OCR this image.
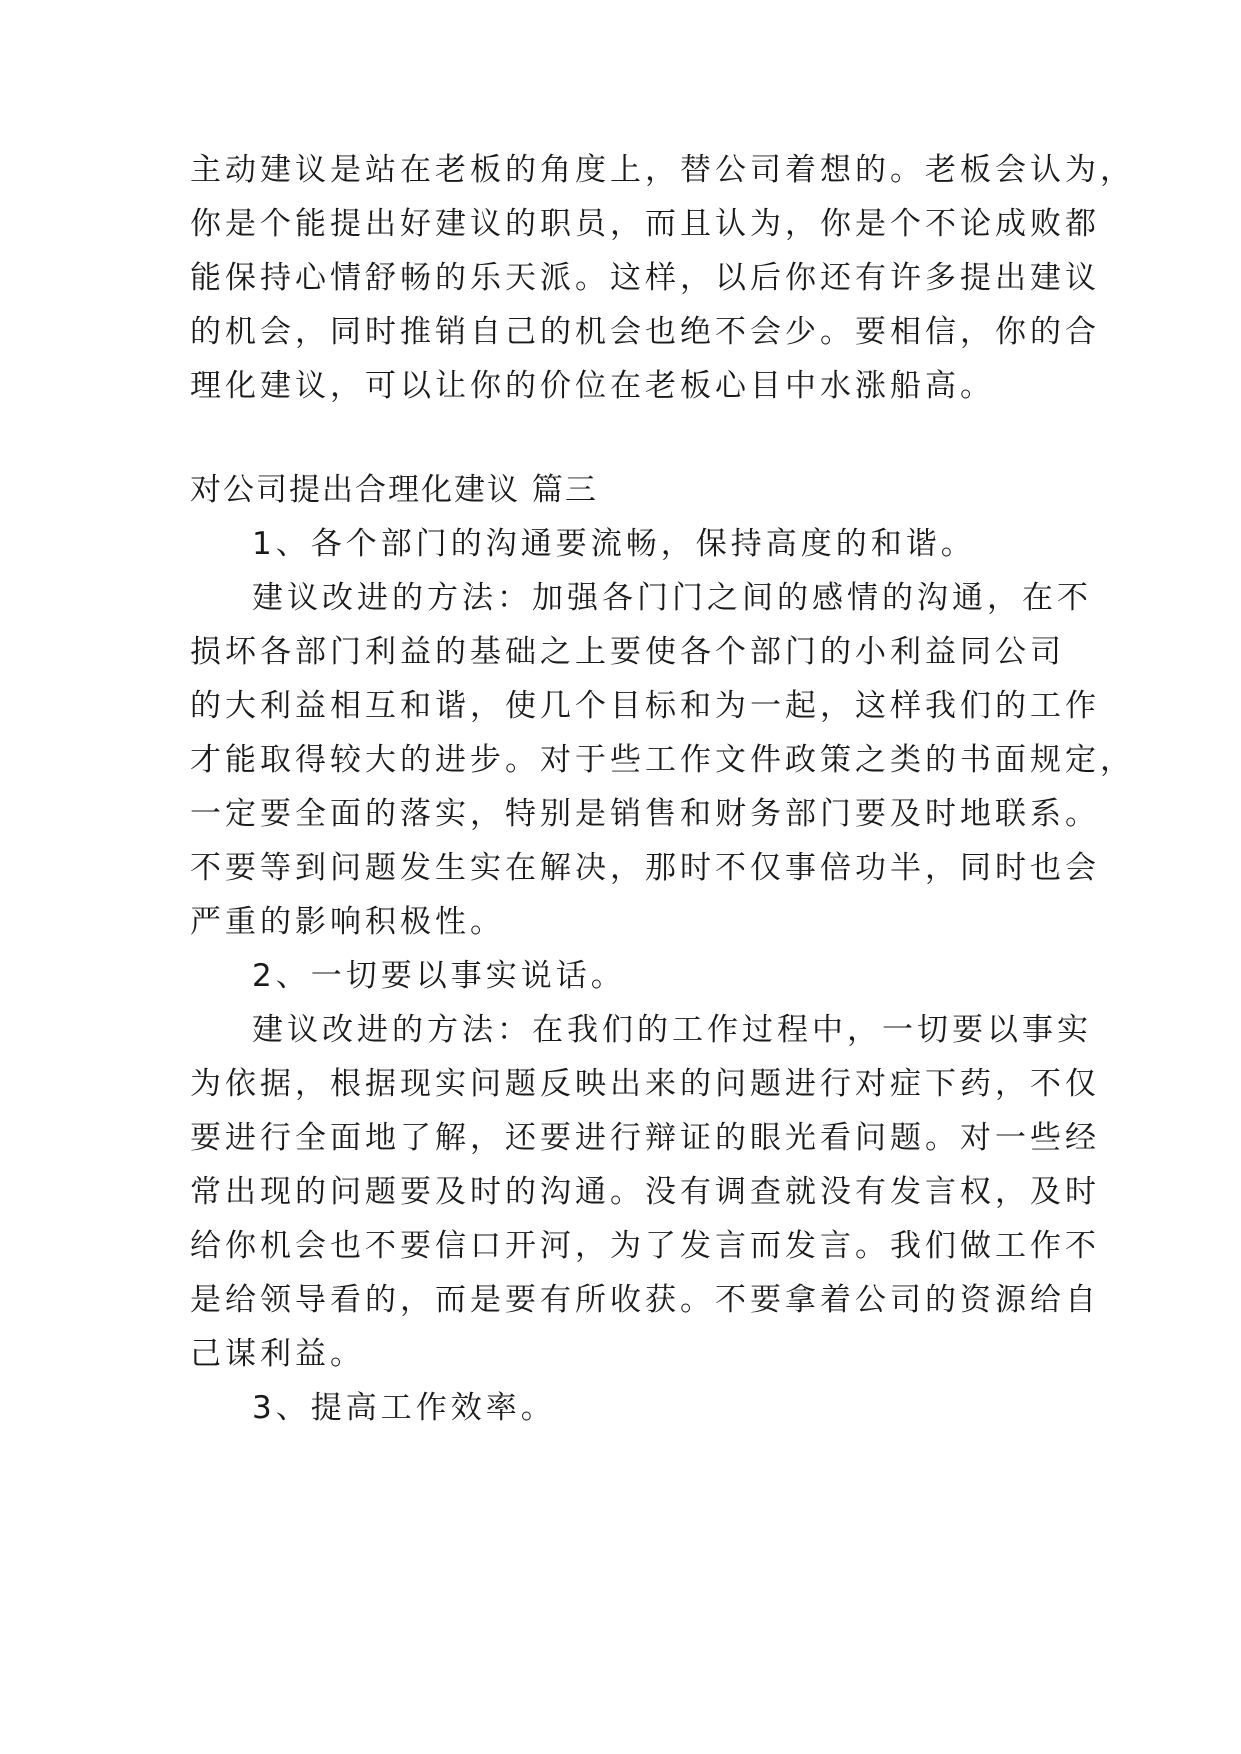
主动建议是站在老板的角度上，替公司着想的。老板会认为，
你是个能提出好建议的职员，而且认为，你是个不论成败都
能保持心情舒畅的乐天派。这样，以后你还有许多提出建议
的机会，同时推销自己的机会也绝不会少。要相信，你的合
理化建议，可以让你的价位在老板心目中水涨船高。
对公司提出合理化建议 篇三
1、各个部门的沟通要流畅，保持高度的和谐。
建议改进的方法：加强各门门之间的感情的沟通，在不
损坏各部门利益的基础之上要使各个部门的小利益同公司
的大利益相互和谐，使几个目标和为一起，这样我们的工作
才能取得较大的进步。对于些工作文件政策之类的书面规定，
一定要全面的落实，特别是销售和财务部门要及时地联系。
不要等到问题发生实在解决，那时不仅事倍功半，同时也会
严重的影响积极性。
2、一切要以事实说话。
建议改进的方法：在我们的工作过程中，一切要以事实
为依据，根据现实问题反映出来的问题进行对症下药，不仅
要进行全面地了解，还要进行辩证的眼光看问题。对一些经
常出现的问题要及时的沟通。没有调查就没有发言权，及时
给你机会也不要信口开河，为了发言而发言。我们做工作不
是给领导看的，而是要有所收获。不要拿着公司的资源给自
己谋利益。
3、提高工作效率。
